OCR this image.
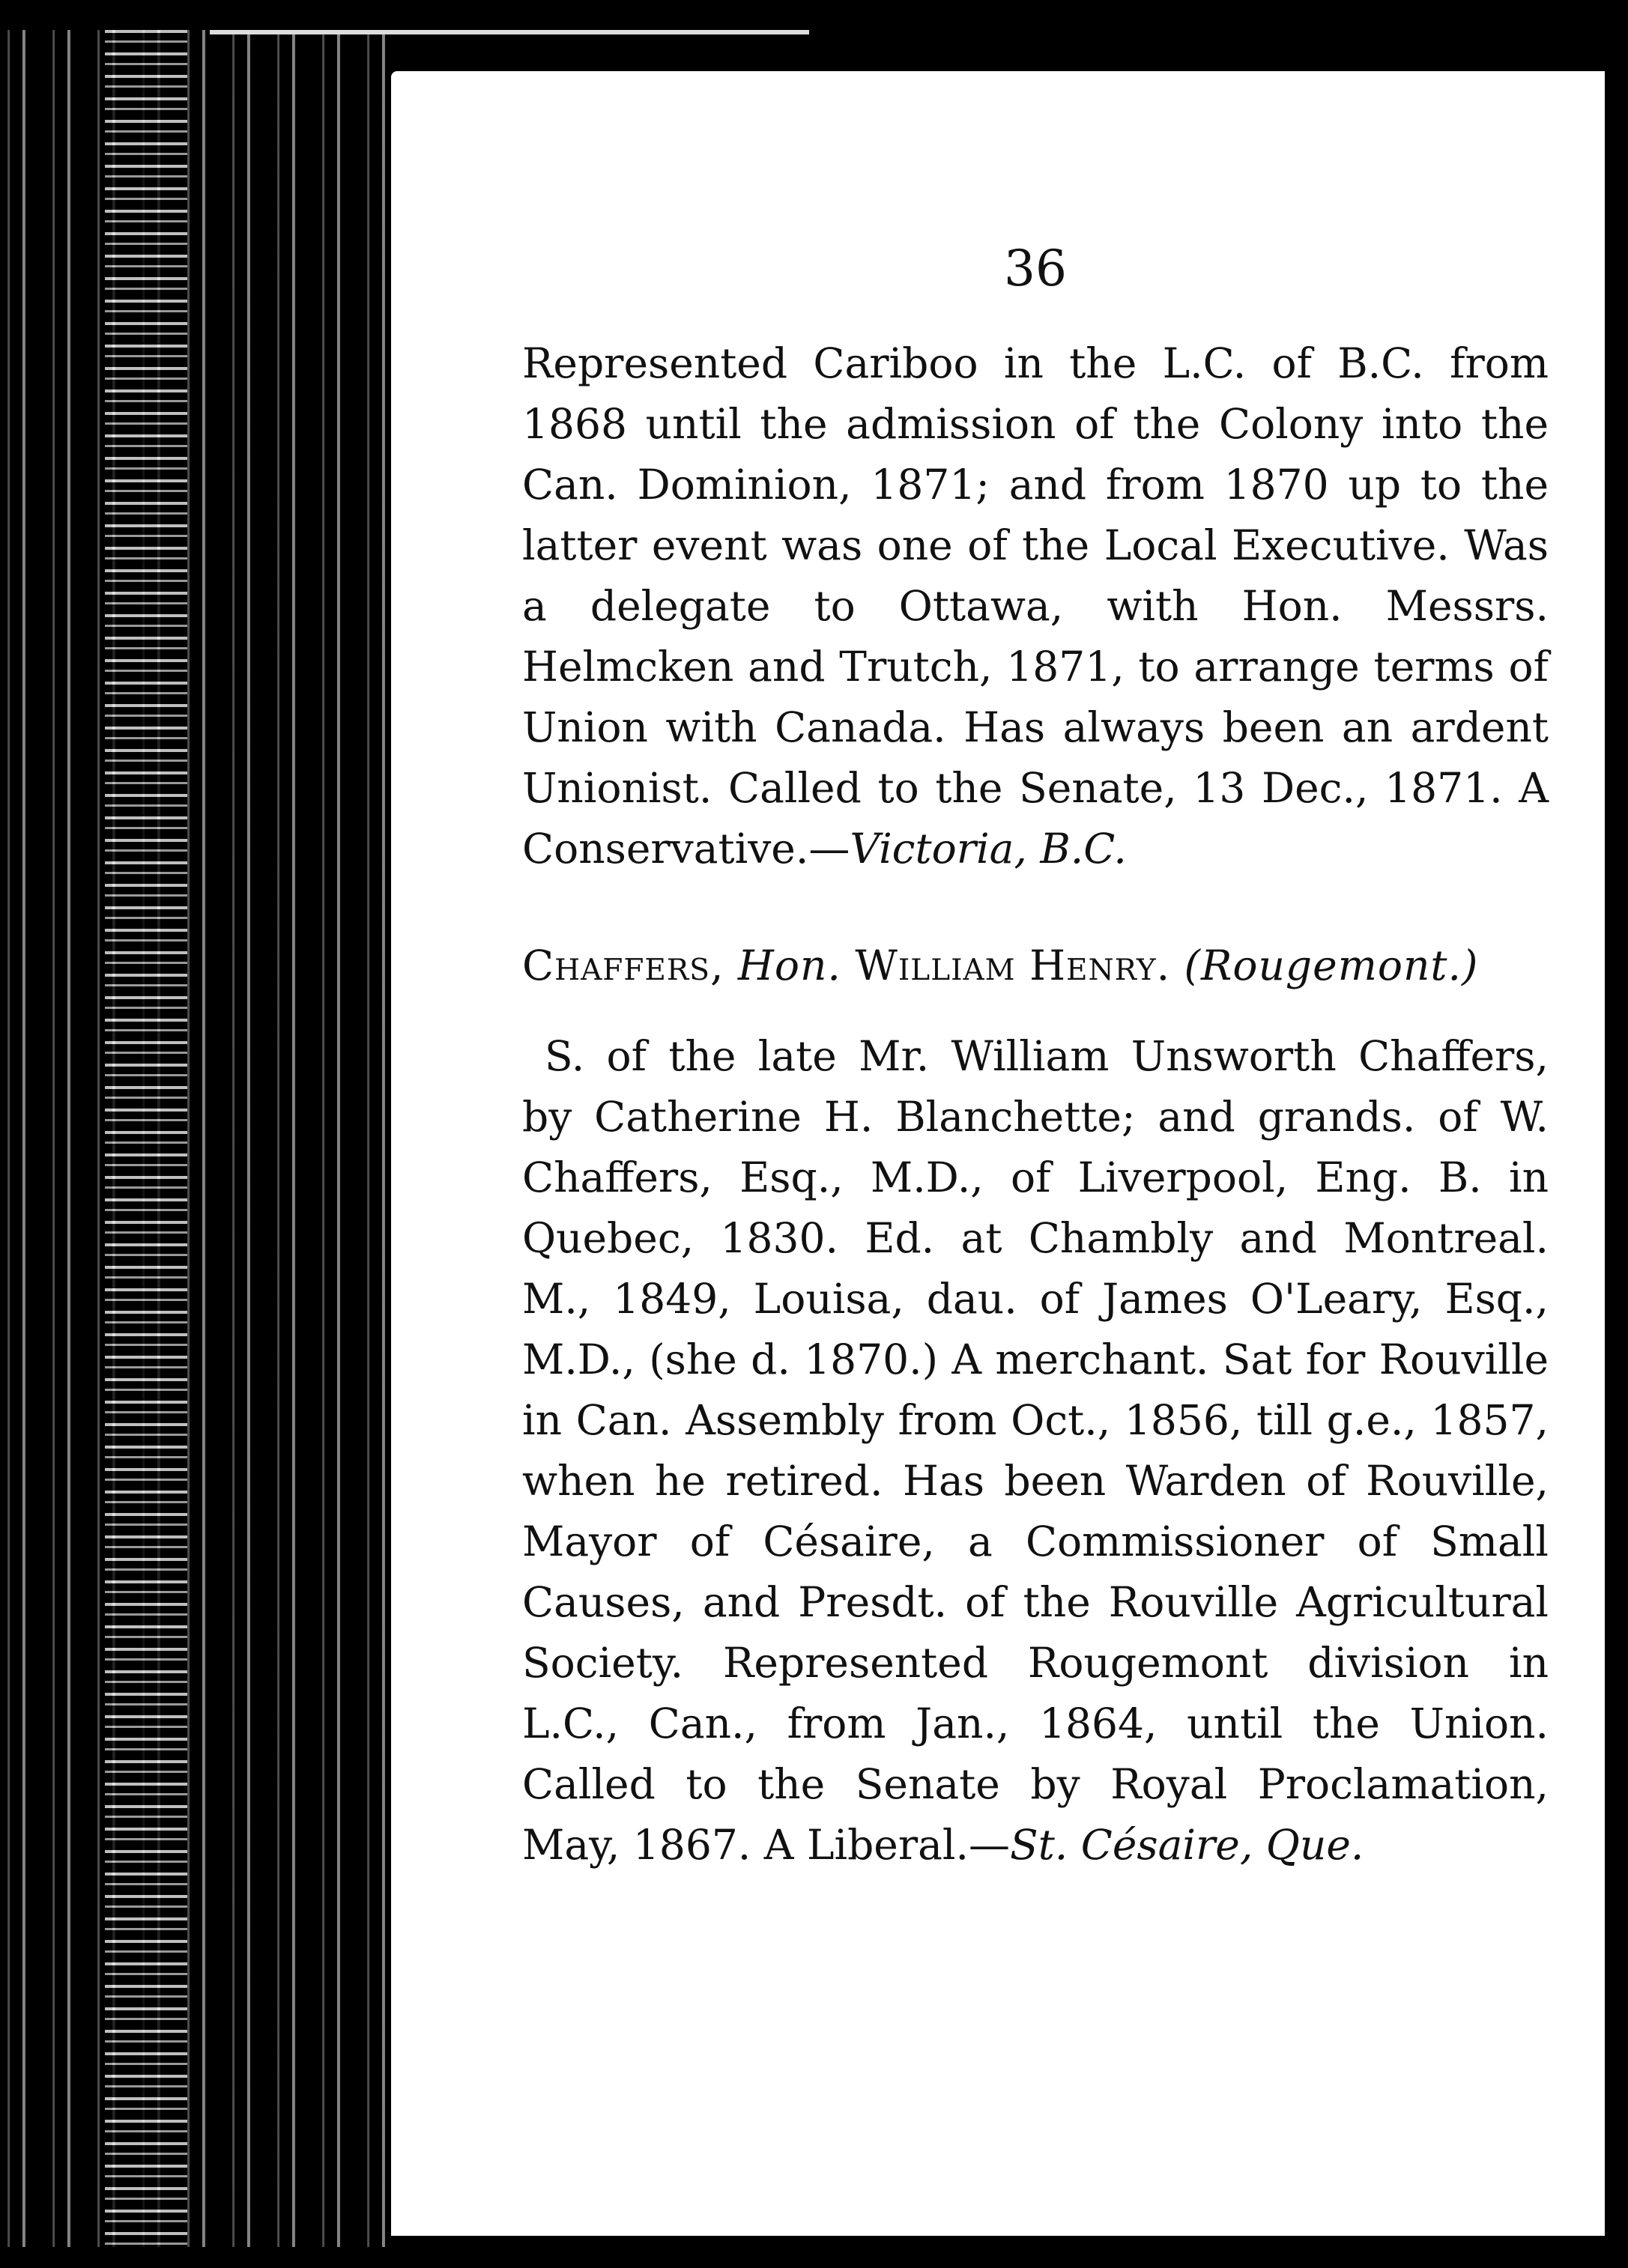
36

Represented Cariboo in the L.C. of B.C. from 1868 until the admission of the Colony into the Can. Dominion, 1871; and from 1870 up to the latter event was one of the Local Executive. Was a delegate to Ottawa, with Hon. Messrs. Helmcken and Trutch, 1871, to arrange terms of Union with Canada. Has always been an ardent Unionist. Called to the Senate, 13 Dec., 1871. A Conservative.—Victoria, B.C.

Chaffers, Hon. William Henry. (Rougemont.)

S. of the late Mr. William Unsworth Chaffers, by Catherine H. Blanchette; and grands. of W. Chaffers, Esq., M.D., of Liverpool, Eng. B. in Quebec, 1830. Ed. at Chambly and Montreal. M., 1849, Louisa, dau. of James O'Leary, Esq., M.D., (she d. 1870.) A merchant. Sat for Rouville in Can. Assembly from Oct., 1856, till g.e., 1857, when he retired. Has been Warden of Rouville, Mayor of Césaire, a Commissioner of Small Causes, and Presdt. of the Rouville Agricultural Society. Represented Rougemont division in L.C., Can., from Jan., 1864, until the Union. Called to the Senate by Royal Proclamation, May, 1867. A Liberal.—St. Césaire, Que.
